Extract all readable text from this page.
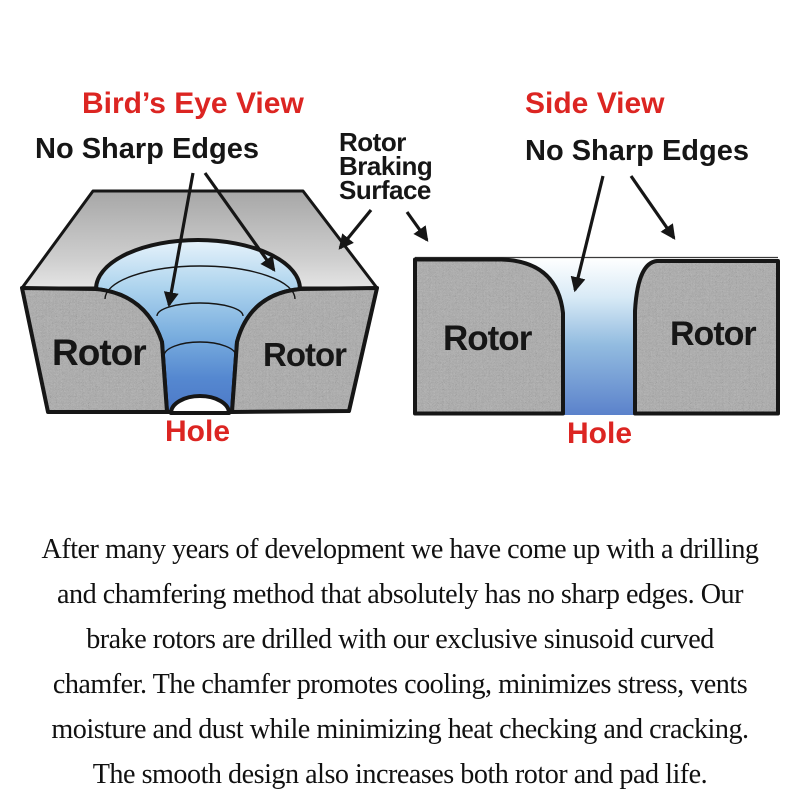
Bird’s Eye View
No Sharp Edges	Rotor
Braking
Surface
Side View
No Sharp Edges
Rotor	Rotor	Rotor	Rotor
Hole	Hole
After many years of development we have come up with a drilling
and chamfering method that absolutely has no sharp edges. Our
brake rotors are drilled with our exclusive sinusoid curved
chamfer. The chamfer promotes cooling, minimizes stress, vents
moisture and dust while minimizing heat checking and cracking.
The smooth design also increases both rotor and pad life.
